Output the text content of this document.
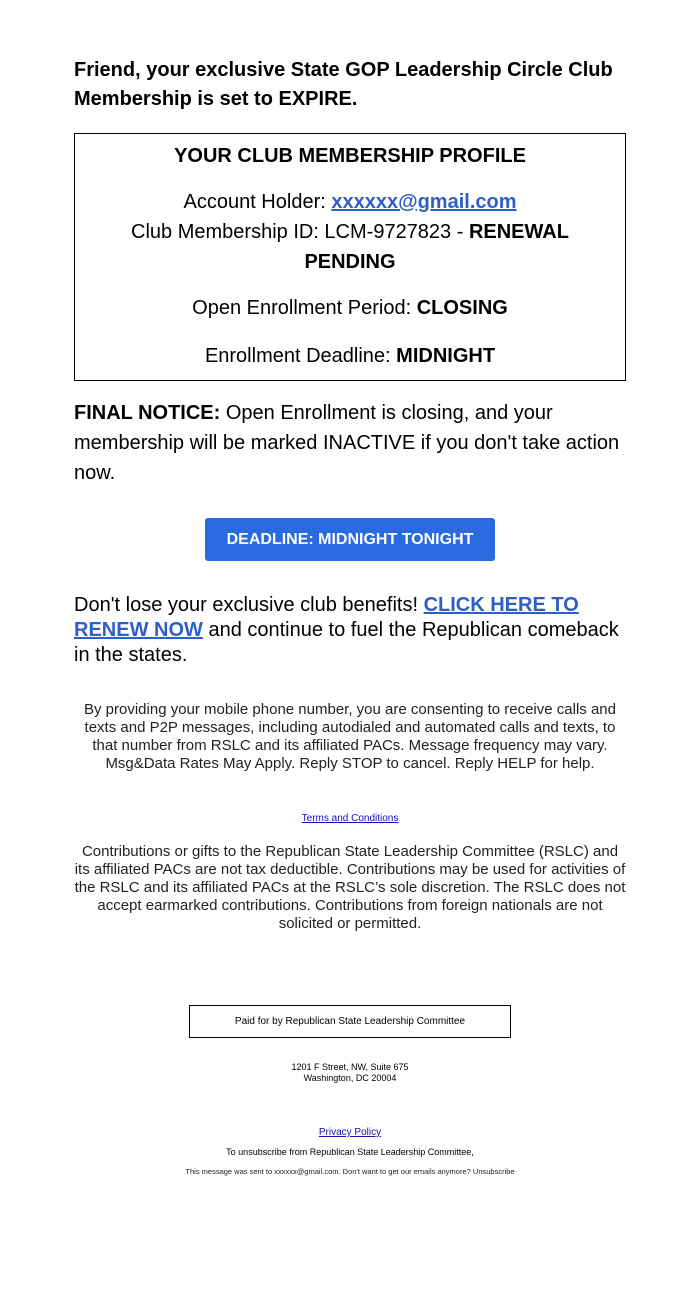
Friend, your exclusive State GOP Leadership Circle Club Membership is set to EXPIRE.

YOUR CLUB MEMBERSHIP PROFILE
Account Holder: xxxxxx@gmail.com
Club Membership ID: LCM-9727823 - RENEWAL PENDING
Open Enrollment Period: CLOSING
Enrollment Deadline: MIDNIGHT

FINAL NOTICE: Open Enrollment is closing, and your membership will be marked INACTIVE if you don't take action now.

DEADLINE: MIDNIGHT TONIGHT

Don't lose your exclusive club benefits! CLICK HERE TO RENEW NOW and continue to fuel the Republican comeback in the states.

By providing your mobile phone number, you are consenting to receive calls and texts and P2P messages, including autodialed and automated calls and texts, to that number from RSLC and its affiliated PACs. Message frequency may vary. Msg&Data Rates May Apply. Reply STOP to cancel. Reply HELP for help.

Terms and Conditions

Contributions or gifts to the Republican State Leadership Committee (RSLC) and its affiliated PACs are not tax deductible. Contributions may be used for activities of the RSLC and its affiliated PACs at the RSLC’s sole discretion. The RSLC does not accept earmarked contributions. Contributions from foreign nationals are not solicited or permitted.

Paid for by Republican State Leadership Committee
1201 F Street, NW, Suite 675
Washington, DC 20004
Privacy Policy
To unsubscribe from Republican State Leadership Committee,
This message was sent to xxxxxx@gmail.com. Don't want to get our emails anymore? Unsubscribe
